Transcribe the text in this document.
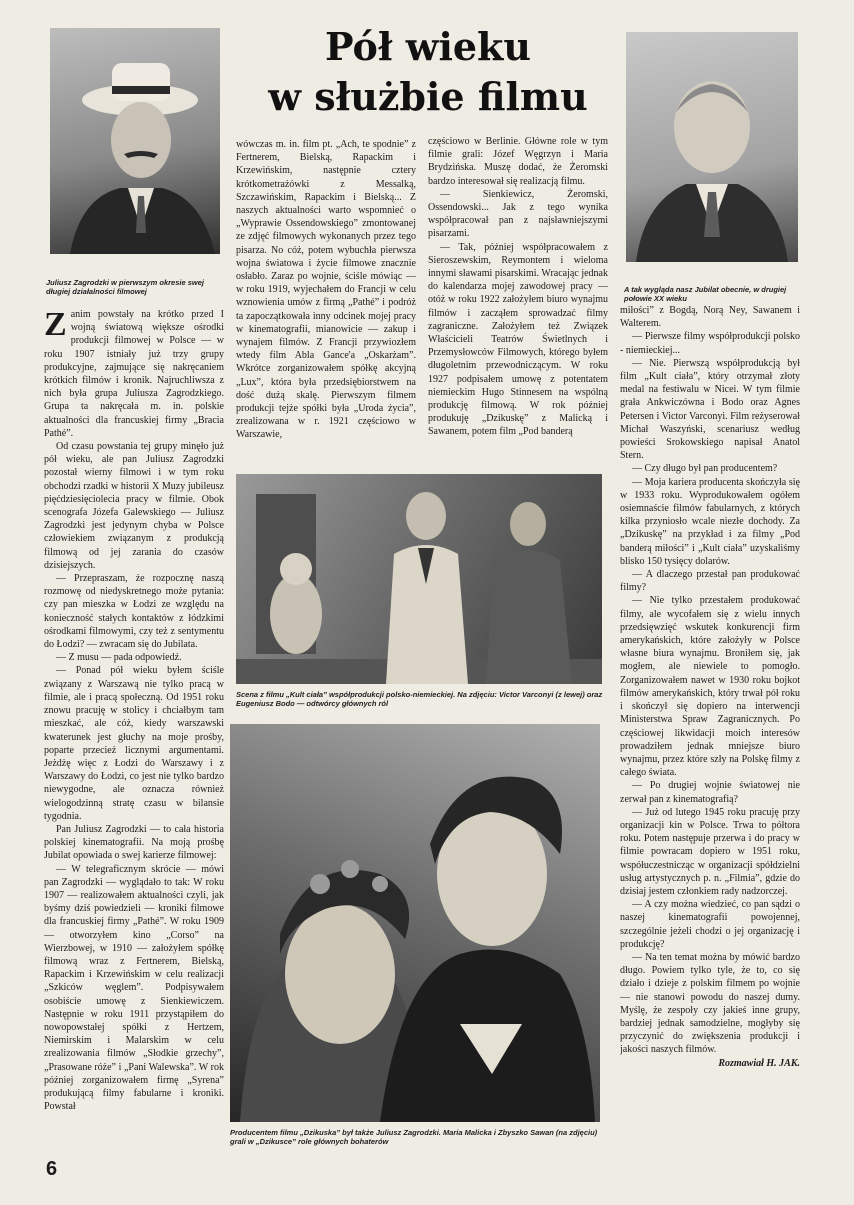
Pół wieku
w służbie filmu
Juliusz Zagrodzki w pierwszym okresie swej długiej działalności filmowej	A tak wygląda nasz Jubilat obecnie, w drugiej połowie XX wieku

Zanim powstały na krótko przed I wojną światową większe ośrodki produkcji filmowej w Polsce — w roku 1907 istniały już trzy grupy produkcyjne, zajmujące się nakręcaniem krótkich filmów i kronik. Najruchliwsza z nich była grupa Juliusza Zagrodzkiego. Grupa ta nakręcała m. in. polskie aktualności dla francuskiej firmy „Bracia Pathé”.

Od czasu powstania tej grupy minęło już pół wieku, ale pan Juliusz Zagrodzki pozostał wierny filmowi i w tym roku obchodzi rzadki w historii X Muzy jubileusz pięćdziesięciolecia pracy w filmie. Obok scenografa Józefa Galewskiego — Juliusz Zagrodzki jest jedynym chyba w Polsce człowiekiem związanym z produkcją filmową od jej zarania do czasów dzisiejszych.

— Przepraszam, że rozpocznę naszą rozmowę od niedyskretnego może pytania: czy pan mieszka w Łodzi ze względu na konieczność stałych kontaktów z łódzkimi ośrodkami filmowymi, czy też z sentymentu do Łodzi? — zwracam się do Jubilata.

— Z musu — pada odpowiedź.

— Ponad pół wieku byłem ściśle związany z Warszawą nie tylko pracą w filmie, ale i pracą społeczną. Od 1951 roku znowu pracuję w stolicy i chciałbym tam mieszkać, ale cóż, kiedy warszawski kwaterunek jest głuchy na moje prośby, poparte przecież licznymi argumentami. Jeżdżę więc z Łodzi do Warszawy i z Warszawy do Łodzi, co jest nie tylko bardzo niewygodne, ale oznacza również wielogodzinną stratę czasu w bilansie tygodnia.

Pan Juliusz Zagrodzki — to cała historia polskiej kinematografii. Na moją prośbę Jubilat opowiada o swej karierze filmowej:

— W telegraficznym skrócie — mówi pan Zagrodzki — wyglądało to tak: W roku 1907 — realizowałem aktualności czyli, jak byśmy dziś powiedzieli — kroniki filmowe dla francuskiej firmy „Pathé”. W roku 1909 — otworzyłem kino „Corso” na Wierzbowej, w 1910 — założyłem spółkę filmową wraz z Fertnerem, Bielską, Rapackim i Krzewińskim w celu realizacji „Szkiców węglem”. Podpisywałem osobiście umowę z Sienkiewiczem. Następnie w roku 1911 przystąpiłem do nowopowstałej spółki z Hertzem, Niemirskim i Malarskim w celu zrealizowania filmów „Słodkie grzechy”, „Prasowane róże” i „Pani Walewska”. W rok później zorganizowałem firmę „Syrena” produkującą filmy fabularne i kroniki. Powstał

wówczas m. in. film pt. „Ach, te spodnie” z Fertnerem, Bielską, Rapackim i Krzewińskim, następnie cztery krótkometrażówki z Messalką, Szczawińskim, Rapackim i Bielską... Z naszych aktualności warto wspomnieć o „Wyprawie Ossendowskiego” zmontowanej ze zdjęć filmowych wykonanych przez tego pisarza. No cóż, potem wybuchła pierwsza wojna światowa i życie filmowe znacznie osłabło. Zaraz po wojnie, ściśle mówiąc — w roku 1919, wyjechałem do Francji w celu wznowienia umów z firmą „Pathé” i podróż ta zapoczątkowała inny odcinek mojej pracy w kinematografii, mianowicie — zakup i wynajem filmów. Z Francji przywiozłem wtedy film Abla Gance'a „Oskarżam”. Wkrótce zorganizowałem spółkę akcyjną „Lux”, która była przedsiębiorstwem na dość dużą skalę. Pierwszym filmem produkcji tejże spółki była „Uroda życia”, zrealizowana w r. 1921 częściowo w Warszawie,

częściowo w Berlinie. Główne role w tym filmie grali: Józef Węgrzyn i Maria Brydzińska. Muszę dodać, że Żeromski bardzo interesował się realizacją filmu.

— Sienkiewicz, Żeromski, Ossendowski... Jak z tego wynika współpracował pan z najsławniejszymi pisarzami.

— Tak, później współpracowałem z Sieroszewskim, Reymontem i wieloma innymi sławami pisarskimi. Wracając jednak do kalendarza mojej zawodowej pracy — otóż w roku 1922 założyłem biuro wynajmu filmów i zacząłem sprowadzać filmy zagraniczne. Założyłem też Związek Właścicieli Teatrów Świetlnych i Przemysłowców Filmowych, którego byłem długoletnim przewodniczącym. W roku 1927 podpisałem umowę z potentatem niemieckim Hugo Stinnesem na wspólną produkcję filmową. W rok później produkuję „Dzikuskę” z Malicką i Sawanem, potem film „Pod banderą

miłości” z Bogdą, Norą Ney, Sawanem i Walterem.

— Pierwsze filmy współprodukcji polsko - niemieckiej...

— Nie. Pierwszą współprodukcją był film „Kult ciała”, który otrzymał złoty medal na festiwalu w Nicei. W tym filmie grała Ankwiczówna i Bodo oraz Agnes Petersen i Victor Varconyi. Film reżyserował Michał Waszyński, scenariusz według powieści Srokowskiego napisał Anatol Stern.

— Czy długo był pan producentem?

— Moja kariera producenta skończyła się w 1933 roku. Wyprodukowałem ogółem osiemnaście filmów fabularnych, z których kilka przyniosło wcale niezłe dochody. Za „Dzikuskę” na przykład i za filmy „Pod banderą miłości” i „Kult ciała” uzyskaliśmy blisko 150 tysięcy dolarów.

— A dlaczego przestał pan produkować filmy?

— Nie tylko przestałem produkować filmy, ale wycofałem się z wielu innych przedsięwzięć wskutek konkurencji firm amerykańskich, które założyły w Polsce własne biura wynajmu. Broniłem się, jak mogłem, ale niewiele to pomogło. Zorganizowałem nawet w 1930 roku bojkot filmów amerykańskich, który trwał pół roku i skończył się dopiero na interwencji Ministerstwa Spraw Zagranicznych. Po częściowej likwidacji moich interesów prowadziłem jednak mniejsze biuro wynajmu, przez które szły na Polskę filmy z całego świata.

— Po drugiej wojnie światowej nie zerwał pan z kinematografią?

— Już od lutego 1945 roku pracuję przy organizacji kin w Polsce. Trwa to półtora roku. Potem następuje przerwa i do pracy w filmie powracam dopiero w 1951 roku, współuczestnicząc w organizacji spółdzielni usług artystycznych p. n. „Filmia”, gdzie do dzisiaj jestem członkiem rady nadzorczej.

— A czy można wiedzieć, co pan sądzi o naszej kinematografii powojennej, szczególnie jeżeli chodzi o jej organizację i produkcję?

— Na ten temat można by mówić bardzo długo. Powiem tylko tyle, że to, co się działo i dzieje z polskim filmem po wojnie — nie stanowi powodu do naszej dumy. Myślę, że zespoły czy jakieś inne grupy, bardziej jednak samodzielne, mogłyby się przyczynić do zwiększenia produkcji i jakości naszych filmów.

Rozmawiał H. JAK.

Scena z filmu „Kult ciała” współprodukcji polsko-niemieckiej. Na zdjęciu: Victor Varconyi (z lewej) oraz Eugeniusz Bodo — odtwórcy głównych ról
Producentem filmu „Dzikuska” był także Juliusz Zagrodzki. Maria Malicka i Zbyszko Sawan (na zdjęciu) grali w „Dzikusce” role głównych bohaterów
6
